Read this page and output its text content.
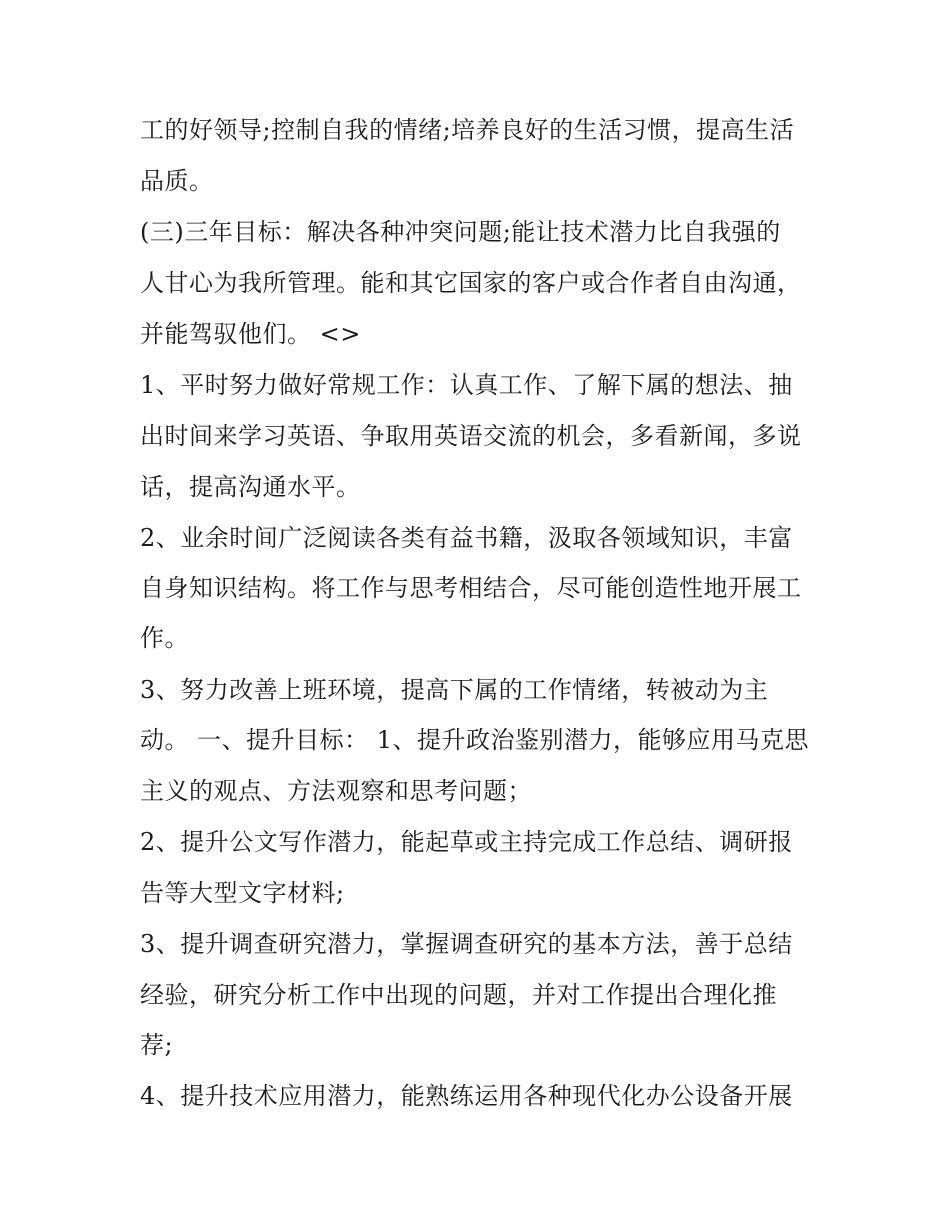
工的好领导;控制自我的情绪;培养良好的生活习惯，提高生活
品质。
(三)三年目标：解决各种冲突问题;能让技术潜力比自我强的
人甘心为我所管理。能和其它国家的客户或合作者自由沟通，
并能驾驭他们。 <>
1、平时努力做好常规工作：认真工作、了解下属的想法、抽
出时间来学习英语、争取用英语交流的机会，多看新闻，多说
话，提高沟通水平。
2、业余时间广泛阅读各类有益书籍，汲取各领域知识，丰富
自身知识结构。将工作与思考相结合，尽可能创造性地开展工
作。
3、努力改善上班环境，提高下属的工作情绪，转被动为主
动。 一、提升目标： 1、提升政治鉴别潜力，能够应用马克思
主义的观点、方法观察和思考问题；
2、提升公文写作潜力，能起草或主持完成工作总结、调研报
告等大型文字材料;
3、提升调查研究潜力，掌握调查研究的基本方法，善于总结
经验，研究分析工作中出现的问题，并对工作提出合理化推
荐;
4、提升技术应用潜力，能熟练运用各种现代化办公设备开展
